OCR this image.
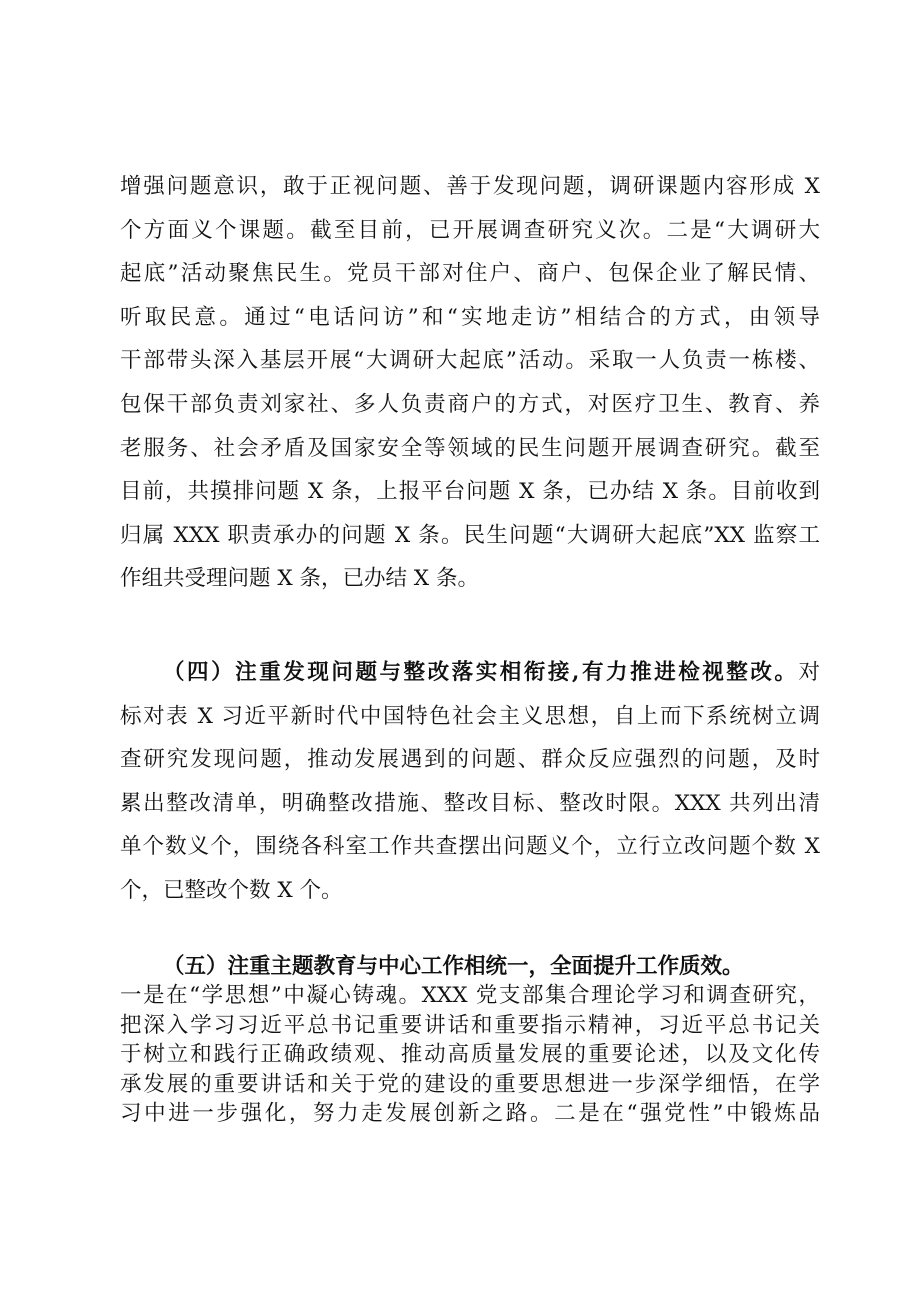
增强问题意识，敢于正视问题、善于发现问题，调研课题内容形成 X
个方面义个课题。截至目前，已开展调查研究义次。二是“大调研大
起底”活动聚焦民生。党员干部对住户、商户、包保企业了解民情、
听取民意。通过“电话问访”和“实地走访”相结合的方式，由领导
干部带头深入基层开展“大调研大起底”活动。采取一人负责一栋楼、
包保干部负责刘家社、多人负责商户的方式，对医疗卫生、教育、养
老服务、社会矛盾及国家安全等领域的民生问题开展调查研究。截至
目前，共摸排问题 X 条，上报平台问题 X 条，已办结 X 条。目前收到
归属 XXX 职责承办的问题 X 条。民生问题“大调研大起底”XX 监察工
作组共受理问题 X 条，已办结 X 条。
（四）注重发现问题与整改落实相衔接,有力推进检视整改。对
标对表 X 习近平新时代中国特色社会主义思想，自上而下系统树立调
查研究发现问题，推动发展遇到的问题、群众反应强烈的问题，及时
累出整改清单，明确整改措施、整改目标、整改时限。XXX 共列出清
单个数义个，围绕各科室工作共查摆出问题义个，立行立改问题个数 X
个，已整改个数 X 个。
（五）注重主题教育与中心工作相统一，全面提升工作质效。
一是在“学思想”中凝心铸魂。XXX 党支部集合理论学习和调查研究，
把深入学习习近平总书记重要讲话和重要指示精神，习近平总书记关
于树立和践行正确政绩观、推动高质量发展的重要论述，以及文化传
承发展的重要讲话和关于党的建设的重要思想进一步深学细悟，在学
习中进一步强化，努力走发展创新之路。二是在“强党性”中锻炼品
